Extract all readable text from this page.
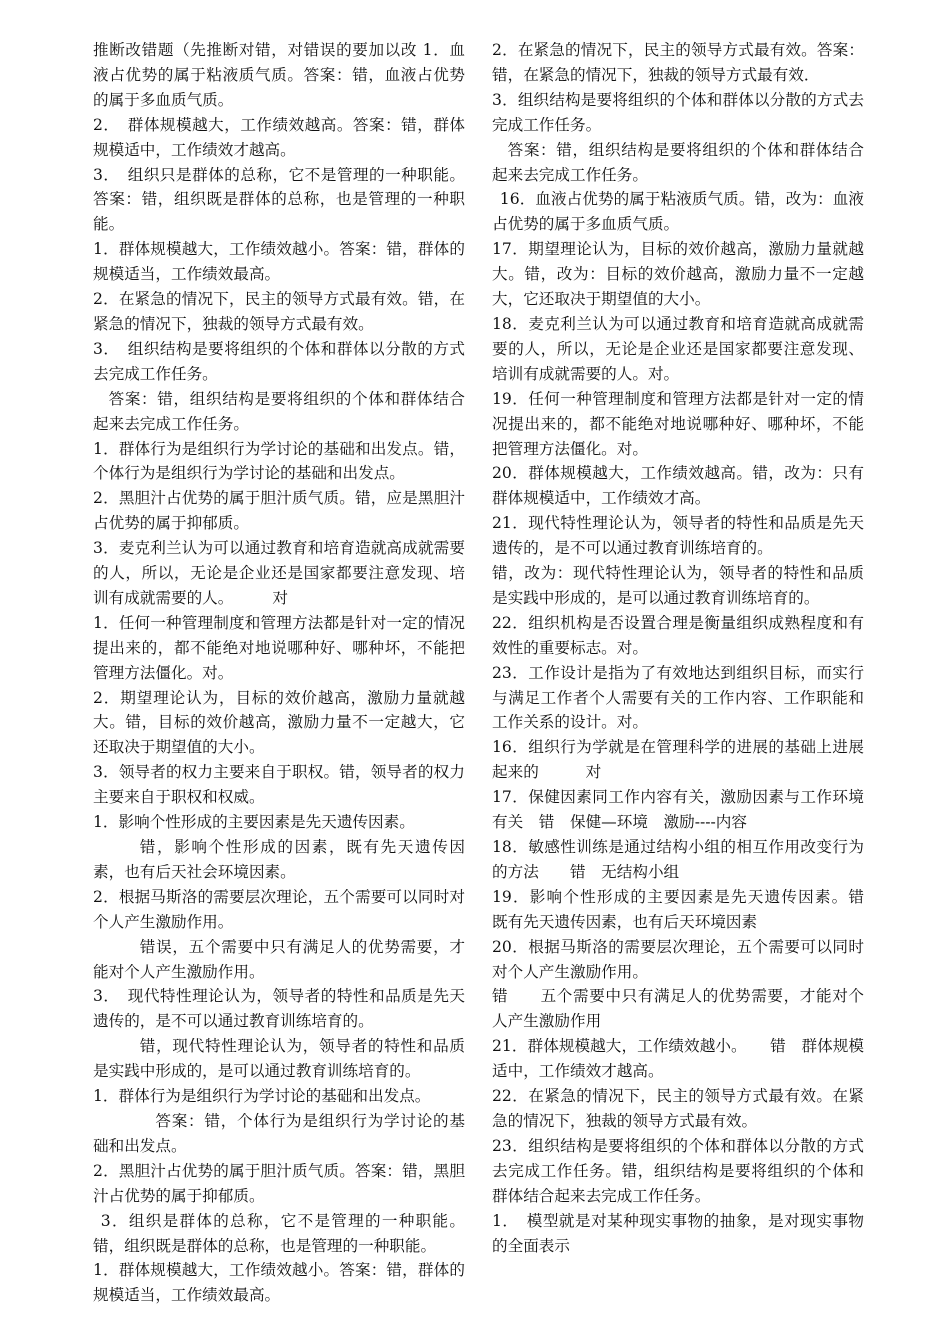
推断改错题（先推断对错，对错误的要加以改 1．血液占优势的属于粘液质气质。答案：错，血液占优势的属于多血质气质。

2．　群体规模越大，工作绩效越高。答案：错，群体规模适中，工作绩效才越高。

3．　组织只是群体的总称，它不是管理的一种职能。答案：错，组织既是群体的总称，也是管理的一种职能。

1．群体规模越大，工作绩效越小。答案：错，群体的规模适当，工作绩效最高。

2．在紧急的情况下，民主的领导方式最有效。错，在紧急的情况下，独裁的领导方式最有效。

3．　组织结构是要将组织的个体和群体以分散的方式去完成工作任务。

答案：错，组织结构是要将组织的个体和群体结合起来去完成工作任务。

1．群体行为是组织行为学讨论的基础和出发点。错，个体行为是组织行为学讨论的基础和出发点。

2．黑胆汁占优势的属于胆汁质气质。错，应是黑胆汁占优势的属于抑郁质。

3．麦克利兰认为可以通过教育和培育造就高成就需要的人，所以，无论是企业还是国家都要注意发现、培训有成就需要的人。　　　对

1．任何一种管理制度和管理方法都是针对一定的情况提出来的，都不能绝对地说哪种好、哪种坏，不能把管理方法僵化。对。

2．期望理论认为，目标的效价越高，激励力量就越大。错，目标的效价越高，激励力量不一定越大，它还取决于期望值的大小。

3．领导者的权力主要来自于职权。错，领导者的权力主要来自于职权和权威。

1．影响个性形成的主要因素是先天遗传因素。

错，影响个性形成的因素，既有先天遗传因素，也有后天社会环境因素。

2．根据马斯洛的需要层次理论，五个需要可以同时对个人产生激励作用。

错误，五个需要中只有满足人的优势需要，才能对个人产生激励作用。

3．　现代特性理论认为，领导者的特性和品质是先天遗传的，是不可以通过教育训练培育的。

错，现代特性理论认为，领导者的特性和品质是实践中形成的，是可以通过教育训练培育的。

1．群体行为是组织行为学讨论的基础和出发点。

答案：错，个体行为是组织行为学讨论的基础和出发点。

2．黑胆汁占优势的属于胆汁质气质。答案：错，黑胆汁占优势的属于抑郁质。

3．组织是群体的总称，它不是管理的一种职能。错，组织既是群体的总称，也是管理的一种职能。

1．群体规模越大，工作绩效越小。答案：错，群体的规模适当，工作绩效最高。

2．在紧急的情况下，民主的领导方式最有效。答案：错，在紧急的情况下，独裁的领导方式最有效．

3．组织结构是要将组织的个体和群体以分散的方式去完成工作任务。

答案：错，组织结构是要将组织的个体和群体结合起来去完成工作任务。

16．血液占优势的属于粘液质气质。错，改为：血液占优势的属于多血质气质。

17．期望理论认为，目标的效价越高，激励力量就越大。错，改为：目标的效价越高，激励力量不一定越大，它还取决于期望值的大小。

18．麦克利兰认为可以通过教育和培育造就高成就需要的人，所以，无论是企业还是国家都要注意发现、培训有成就需要的人。对。

19．任何一种管理制度和管理方法都是针对一定的情况提出来的，都不能绝对地说哪种好、哪种坏，不能把管理方法僵化。对。

20．群体规模越大，工作绩效越高。错，改为：只有群体规模适中，工作绩效才高。

21．现代特性理论认为，领导者的特性和品质是先天遗传的，是不可以通过教育训练培育的。

错，改为：现代特性理论认为，领导者的特性和品质是实践中形成的，是可以通过教育训练培育的。

22．组织机构是否设置合理是衡量组织成熟程度和有效性的重要标志。对。

23．工作设计是指为了有效地达到组织目标，而实行与满足工作者个人需要有关的工作内容、工作职能和工作关系的设计。对。

16．组织行为学就是在管理科学的进展的基础上进展起来的　　　对

17．保健因素同工作内容有关，激励因素与工作环境有关　错　保健—环境　激励----内容

18．敏感性训练是通过结构小组的相互作用改变行为的方法　　错　无结构小组

19．影响个性形成的主要因素是先天遗传因素。错　既有先天遗传因素，也有后天环境因素

20．根据马斯洛的需要层次理论，五个需要可以同时对个人产生激励作用。

错　　五个需要中只有满足人的优势需要，才能对个人产生激励作用

21．群体规模越大，工作绩效越小。　　错　群体规模适中，工作绩效才越高。

22．在紧急的情况下，民主的领导方式最有效。在紧急的情况下，独裁的领导方式最有效。

23．组织结构是要将组织的个体和群体以分散的方式去完成工作任务。错，组织结构是要将组织的个体和群体结合起来去完成工作任务。

1．　模型就是对某种现实事物的抽象，是对现实事物的全面表示
